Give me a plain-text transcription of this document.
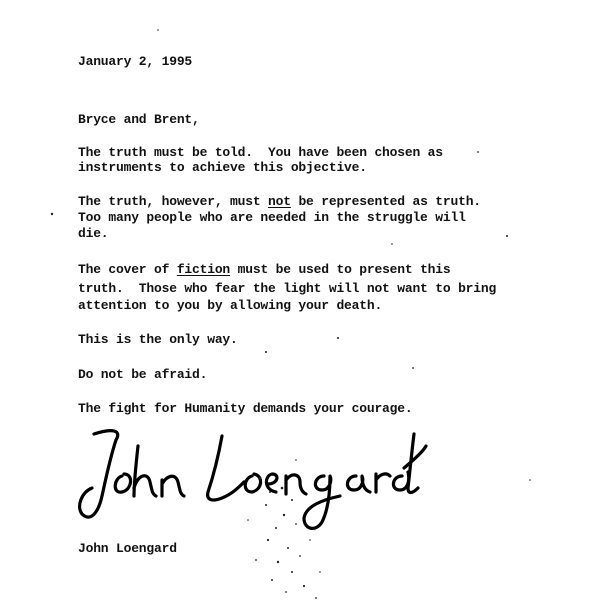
January 2, 1995
Bryce and Brent,
The truth must be told.  You have been chosen as
instruments to achieve this objective.
The truth, however, must not be represented as truth.
Too many people who are needed in the struggle will
die.
The cover of fiction must be used to present this
truth.  Those who fear the light will not want to bring
attention to you by allowing your death.
This is the only way.
Do not be afraid.
The fight for Humanity demands your courage.
John Loengard
